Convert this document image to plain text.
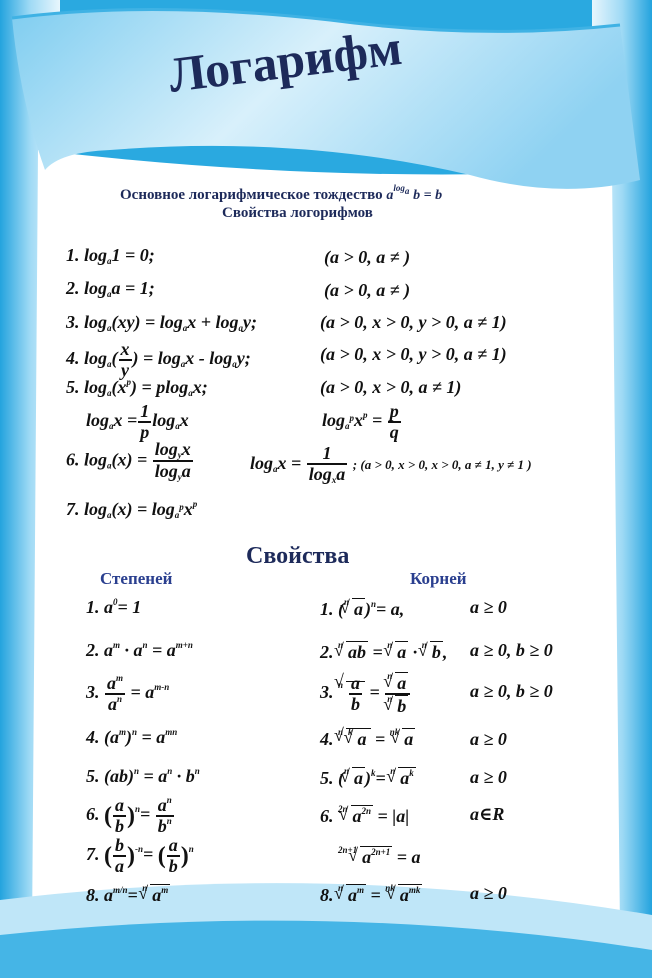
Логарифм
Основное логарифмическое тождество $a^{loga}$ b = b
Свойства логорифмов
1. $\log_a1 = 0$;	(a > 0, a ≠ )
2. $\log_aa = 1$;	(a > 0, a ≠ )
3. $\log_a(xy) = \log_ax + \log_ay$;	(a > 0, x > 0, y > 0, a ≠ 1)
4. $\log_a( \frac{x}{y}$ ) = $\log_ax - \log_ay$;	(a > 0, x > 0, y > 0, a ≠ 1)
5. $\log_a(x^p) = plog_ax$;	(a > 0, x > 0, a ≠ 1)
$\log_ax = \frac{1}{p} \log_ax$	$\log_{ap}x^p = \frac{p}{q}$
6. $\log_a(x) = \frac{\log_yx}{\log_ya}$	$\log_ax = \frac{1}{\log_xa}$ ; (a > 0, x > 0, x > 0, a ≠ 1, y ≠ 1 )
7. $\log_a(x) = \log_{ap}x^p$
Свойства
Степеней	Корней
1. $a^0= 1$
2. $a^m \cdot a^n = a^{m+n}$
3. $\frac{a^m}{a^n} = a^{m-n}$
4. $(a^m)^n = a^{mn}$
5. $(ab)^n = a^n \cdot b^n$
6. ( $\frac{a}{b} )^n= \frac{a^n}{b^n}$
7. ( $\frac{b}{a} )^{-n}=$ ( $\frac{a}{b} )^n$
8. $a^{m/n}= ^n√$ $a^m$
1. ($^n$√ a )$^n$= a,	a ≥ 0
2. $^n$√ ab = $^n$√ a · $^n$√ b , a ≥ 0, b ≥ 0
3. $^n$
√ $\frac{a}{b} = \frac{^n√ a}{^n√ b}$	a ≥ 0, b ≥ 0
4. $^n$√ $^k$√ a = $^{nk}$√ a	a ≥ 0
5. ($^n$√ a )$^k$= $^n$√ $a^k$	a ≥ 0
6. $^{2n}$√ $a^{2n} = |a|$	a∈R
$^{2n+1}$√ $a^{2n+1} = a$
8. $^n$√ $a^m = ^{nk}√$ $a^{mk}$	a ≥ 0
